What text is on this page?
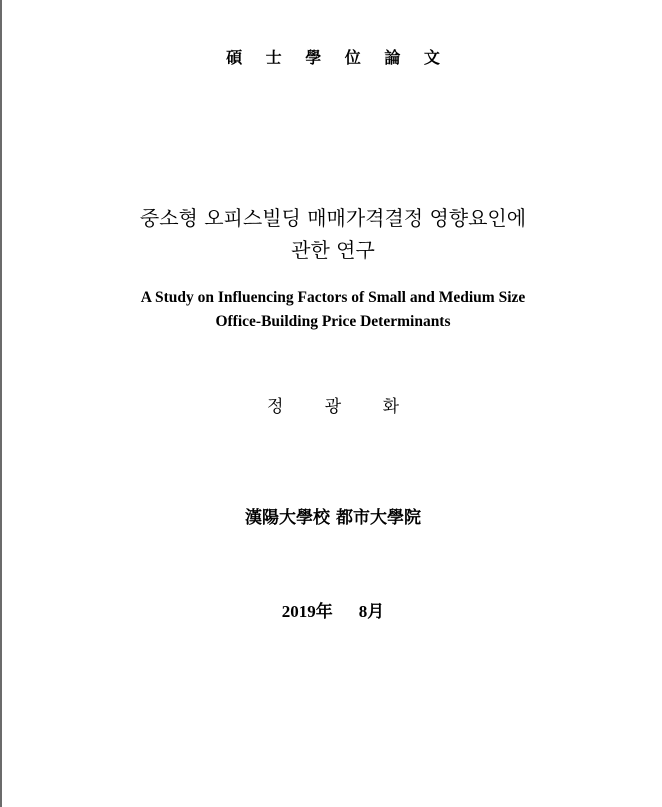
碩 士 學 位 論 文
중소형 오피스빌딩 매매가격결정 영향요인에
관한 연구
A Study on Influencing Factors of Small and Medium Size
Office-Building Price Determinants
정 광 화
漢陽大學校 都市大學院
2019年 8月
